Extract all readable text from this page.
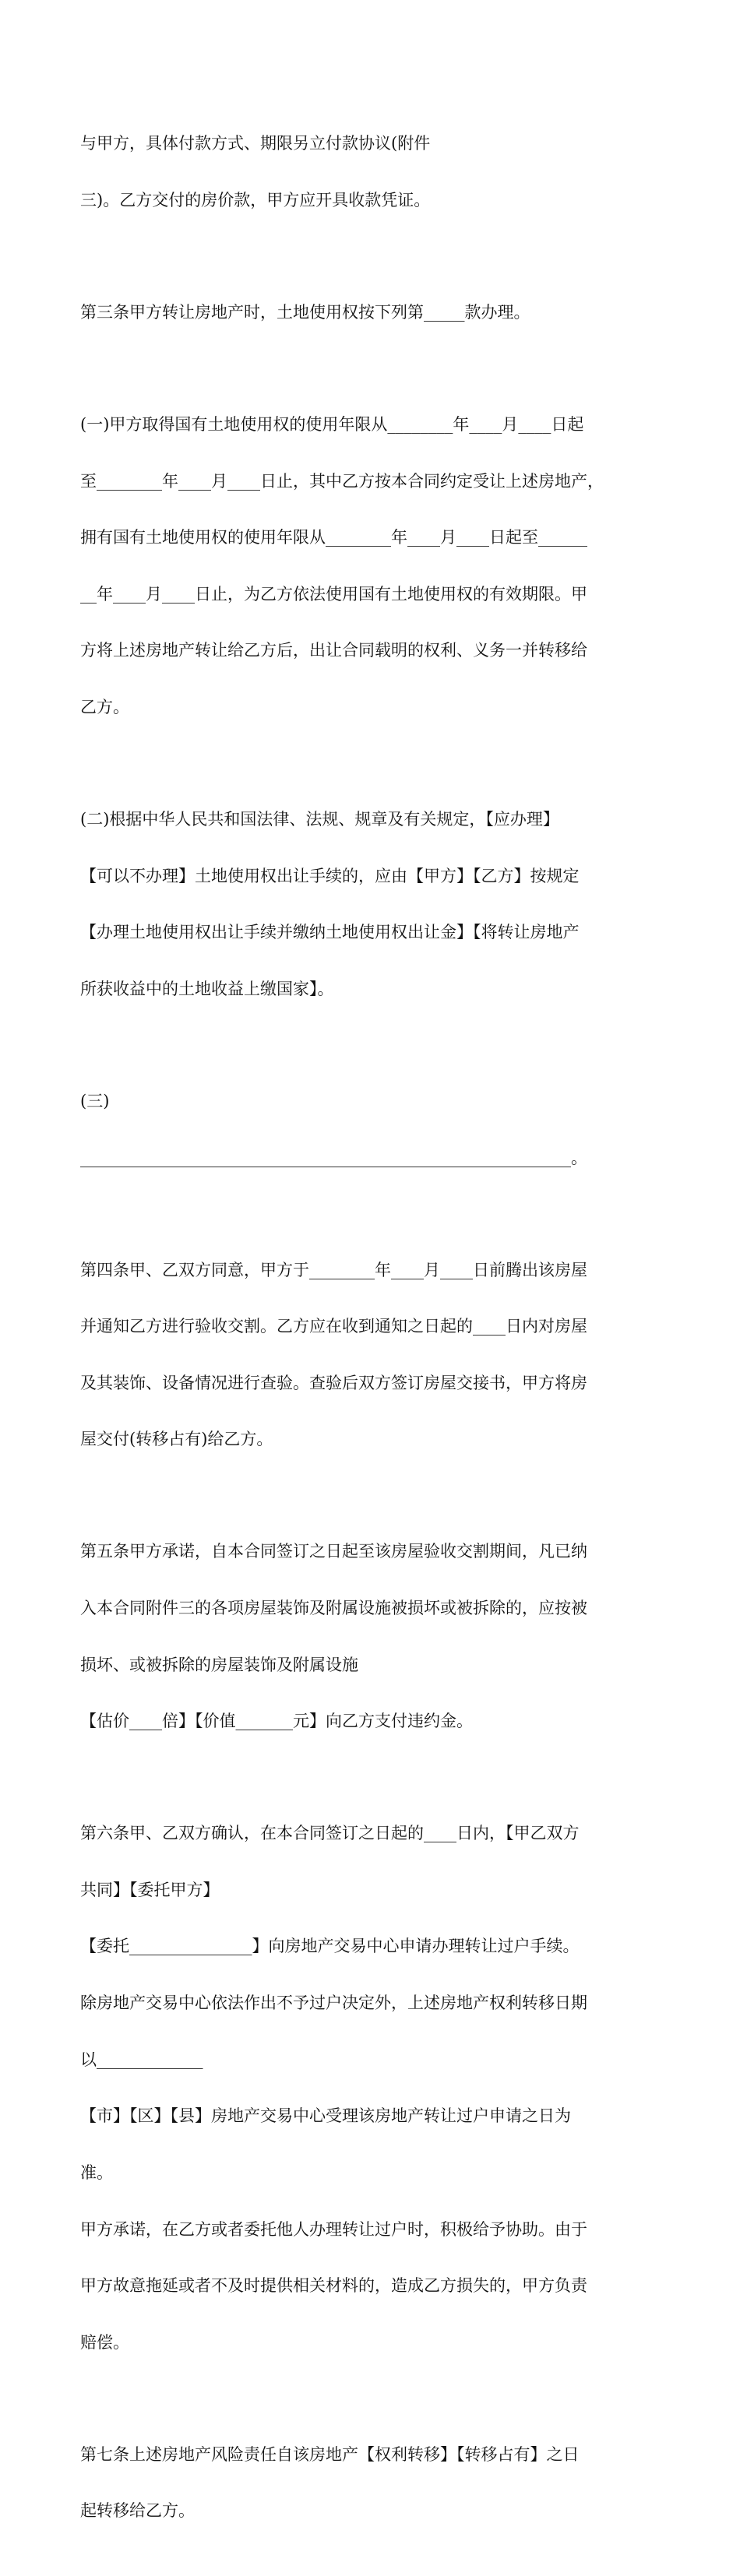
与甲方，具体付款方式、期限另立付款协议(附件

三)。乙方交付的房价款，甲方应开具收款凭证。

第三条甲方转让房地产时，土地使用权按下列第_____款办理。

(一)甲方取得国有土地使用权的使用年限从________年____月____日起

至________年____月____日止，其中乙方按本合同约定受让上述房地产，

拥有国有土地使用权的使用年限从________年____月____日起至______

__年____月____日止，为乙方依法使用国有土地使用权的有效期限。甲

方将上述房地产转让给乙方后，出让合同载明的权利、义务一并转移给

乙方。

(二)根据中华人民共和国法律、法规、规章及有关规定，【应办理】

【可以不办理】土地使用权出让手续的，应由【甲方】【乙方】按规定

【办理土地使用权出让手续并缴纳土地使用权出让金】【将转让房地产

所获收益中的土地收益上缴国家】。

(三)

____________________________________________________________。

第四条甲、乙双方同意，甲方于________年____月____日前腾出该房屋

并通知乙方进行验收交割。乙方应在收到通知之日起的____日内对房屋

及其装饰、设备情况进行查验。查验后双方签订房屋交接书，甲方将房

屋交付(转移占有)给乙方。

第五条甲方承诺，自本合同签订之日起至该房屋验收交割期间，凡已纳

入本合同附件三的各项房屋装饰及附属设施被损坏或被拆除的，应按被

损坏、或被拆除的房屋装饰及附属设施

【估价____倍】【价值_______元】向乙方支付违约金。

第六条甲、乙双方确认，在本合同签订之日起的____日内，【甲乙双方

共同】【委托甲方】

【委托_______________】向房地产交易中心申请办理转让过户手续。

除房地产交易中心依法作出不予过户决定外，上述房地产权利转移日期

以_____________

【市】【区】【县】房地产交易中心受理该房地产转让过户申请之日为

准。

甲方承诺，在乙方或者委托他人办理转让过户时，积极给予协助。由于

甲方故意拖延或者不及时提供相关材料的，造成乙方损失的，甲方负责

赔偿。

第七条上述房地产风险责任自该房地产【权利转移】【转移占有】之日

起转移给乙方。
